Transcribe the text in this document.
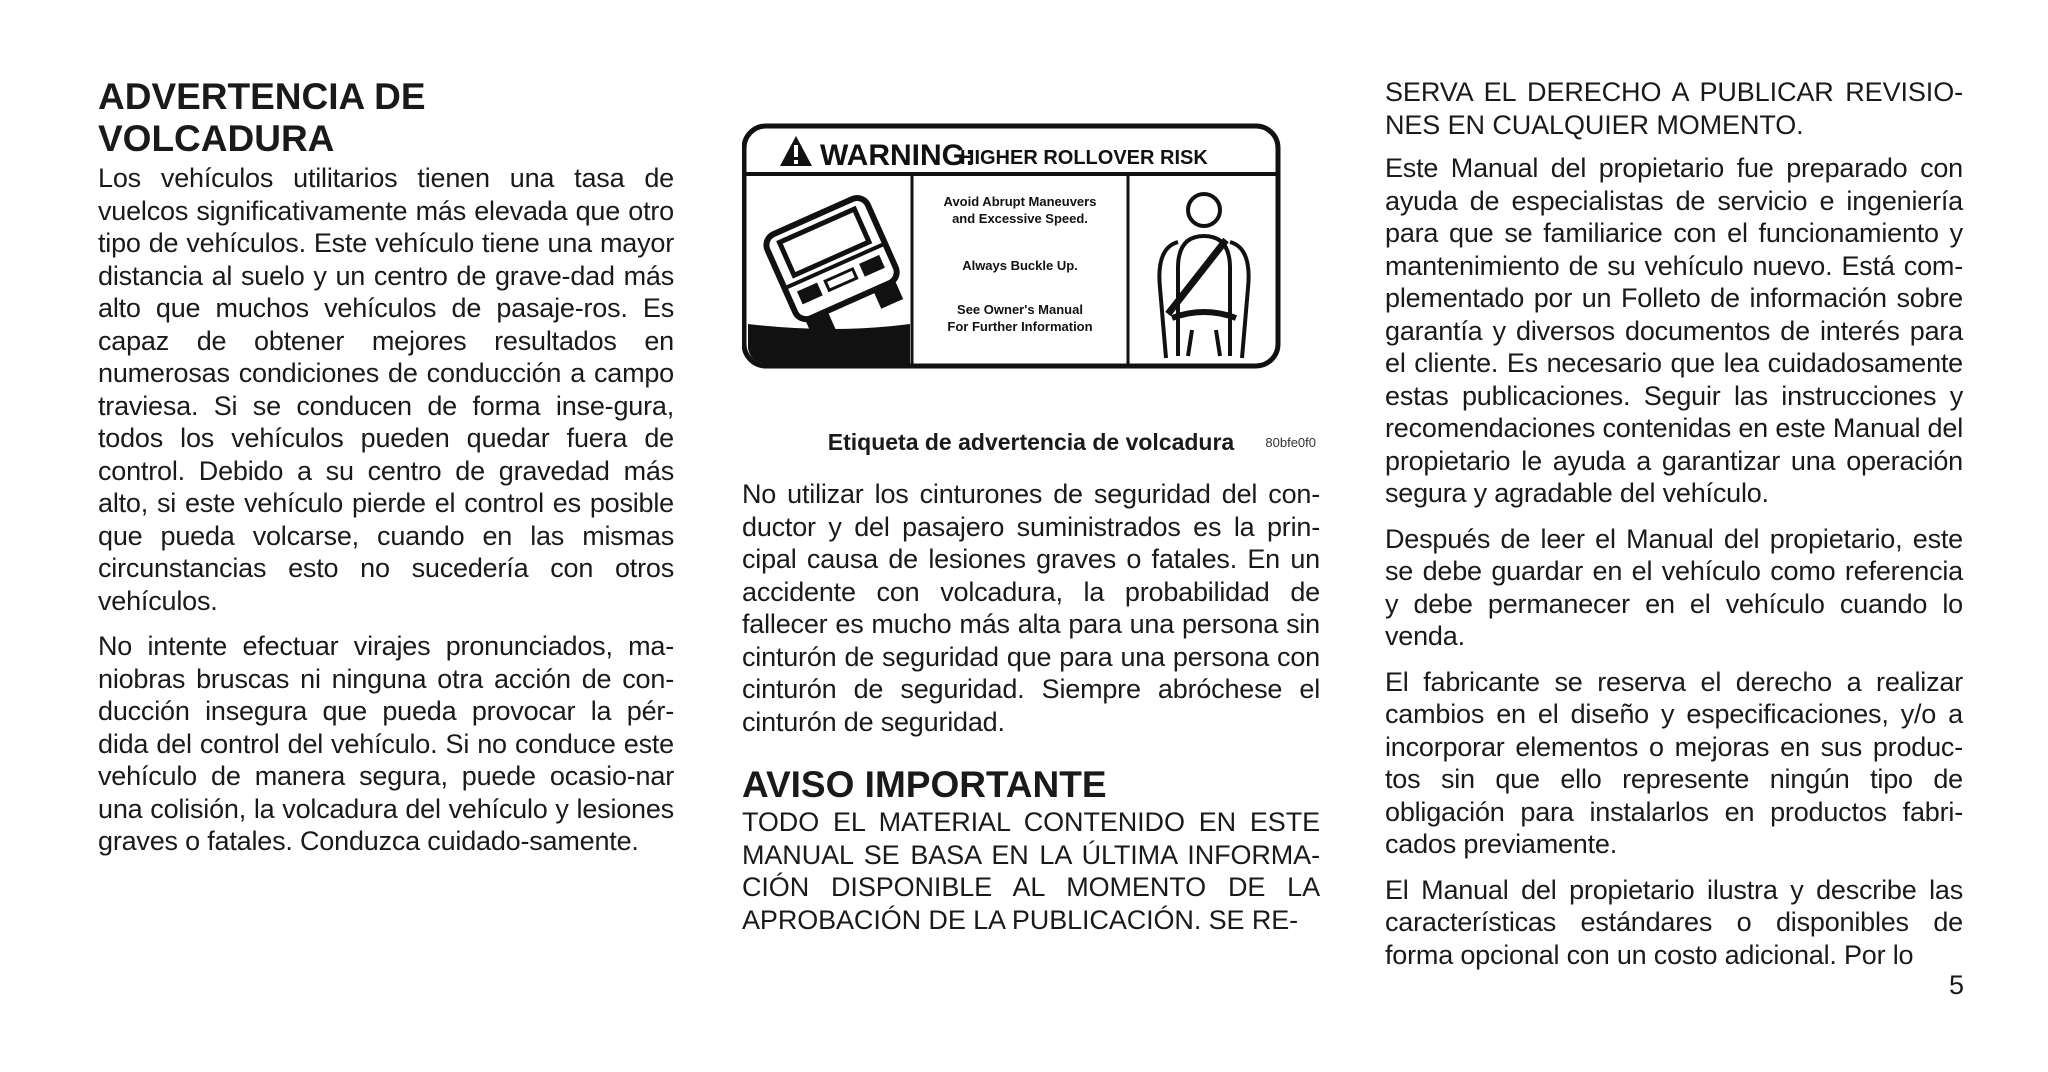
ADVERTENCIA DE
VOLCADURA

Los vehículos utilitarios tienen una tasa de vuelcos significativamente más elevada que otro tipo de vehículos. Este vehículo tiene una mayor distancia al suelo y un centro de grave-dad más alto que muchos vehículos de pasaje-ros. Es capaz de obtener mejores resultados en numerosas condiciones de conducción a campo traviesa. Si se conducen de forma inse-gura, todos los vehículos pueden quedar fuera de control. Debido a su centro de gravedad más alto, si este vehículo pierde el control es posible que pueda volcarse, cuando en las mismas circunstancias esto no sucedería con otros vehículos.

No intente efectuar virajes pronunciados, ma-niobras bruscas ni ninguna otra acción de con-ducción insegura que pueda provocar la pér-dida del control del vehículo. Si no conduce este vehículo de manera segura, puede ocasio-nar una colisión, la volcadura del vehículo y lesiones graves o fatales. Conduzca cuidado-samente.

WARNING:
HIGHER ROLLOVER RISK
Avoid Abrupt Maneuvers
and Excessive Speed.
Always Buckle Up.
See Owner's Manual
For Further Information
80bfe0f0
Etiqueta de advertencia de volcadura

No utilizar los cinturones de seguridad del con-ductor y del pasajero suministrados es la prin-cipal causa de lesiones graves o fatales. En un accidente con volcadura, la probabilidad de fallecer es mucho más alta para una persona sin cinturón de seguridad que para una persona con cinturón de seguridad. Siempre abróchese el cinturón de seguridad.

AVISO IMPORTANTE

TODO EL MATERIAL CONTENIDO EN ESTE MANUAL SE BASA EN LA ÚLTIMA INFORMA-CIÓN DISPONIBLE AL MOMENTO DE LA APROBACIÓN DE LA PUBLICACIÓN. SE RE-

SERVA EL DERECHO A PUBLICAR REVISIO-NES EN CUALQUIER MOMENTO.

Este Manual del propietario fue preparado con ayuda de especialistas de servicio e ingeniería para que se familiarice con el funcionamiento y mantenimiento de su vehículo nuevo. Está com-plementado por un Folleto de información sobre garantía y diversos documentos de interés para el cliente. Es necesario que lea cuidadosamente estas publicaciones. Seguir las instrucciones y recomendaciones contenidas en este Manual del propietario le ayuda a garantizar una operación segura y agradable del vehículo.

Después de leer el Manual del propietario, este se debe guardar en el vehículo como referencia y debe permanecer en el vehículo cuando lo venda.

El fabricante se reserva el derecho a realizar cambios en el diseño y especificaciones, y/o a incorporar elementos o mejoras en sus produc-tos sin que ello represente ningún tipo de obligación para instalarlos en productos fabri-cados previamente.

El Manual del propietario ilustra y describe las características estándares o disponibles de forma opcional con un costo adicional. Por lo

5
